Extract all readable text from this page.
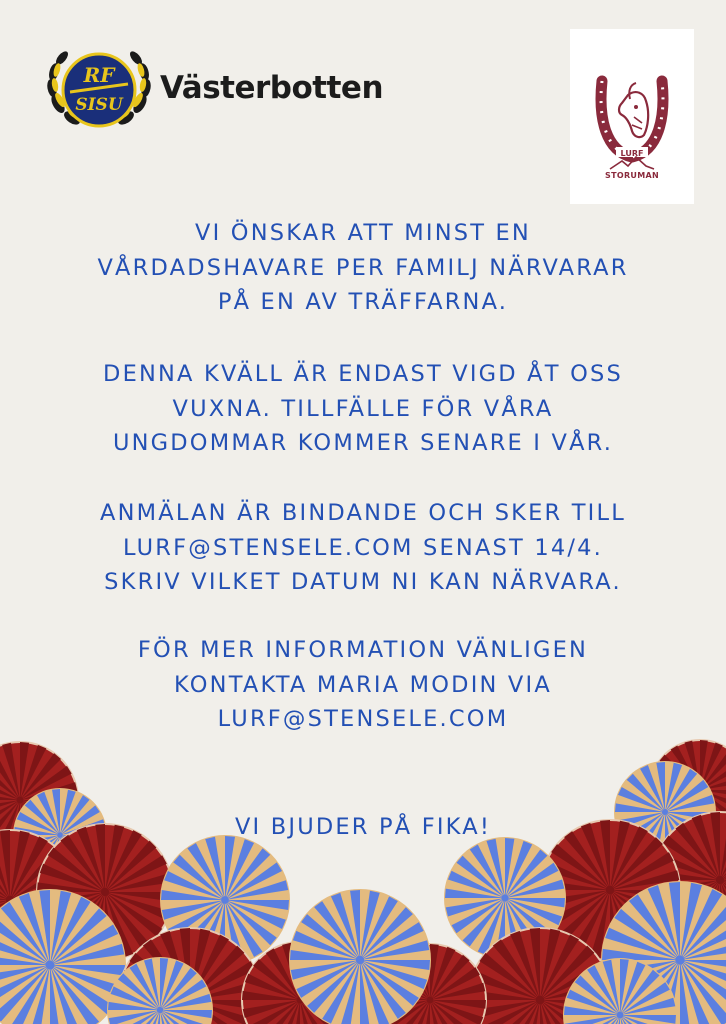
RF
SISU Västerbotten
LURF
STORUMAN
VI ÖNSKAR ATT MINST EN
VÅRDADSHAVARE PER FAMILJ NÄRVARAR
PÅ EN AV TRÄFFARNA.
DENNA KVÄLL ÄR ENDAST VIGD ÅT OSS
VUXNA. TILLFÄLLE FÖR VÅRA
UNGDOMMAR KOMMER SENARE I VÅR.
ANMÄLAN ÄR BINDANDE OCH SKER TILL
LURF@STENSELE.COM SENAST 14/4.
SKRIV VILKET DATUM NI KAN NÄRVARA.
FÖR MER INFORMATION VÄNLIGEN
KONTAKTA MARIA MODIN VIA
LURF@STENSELE.COM
VI BJUDER PÅ FIKA!
